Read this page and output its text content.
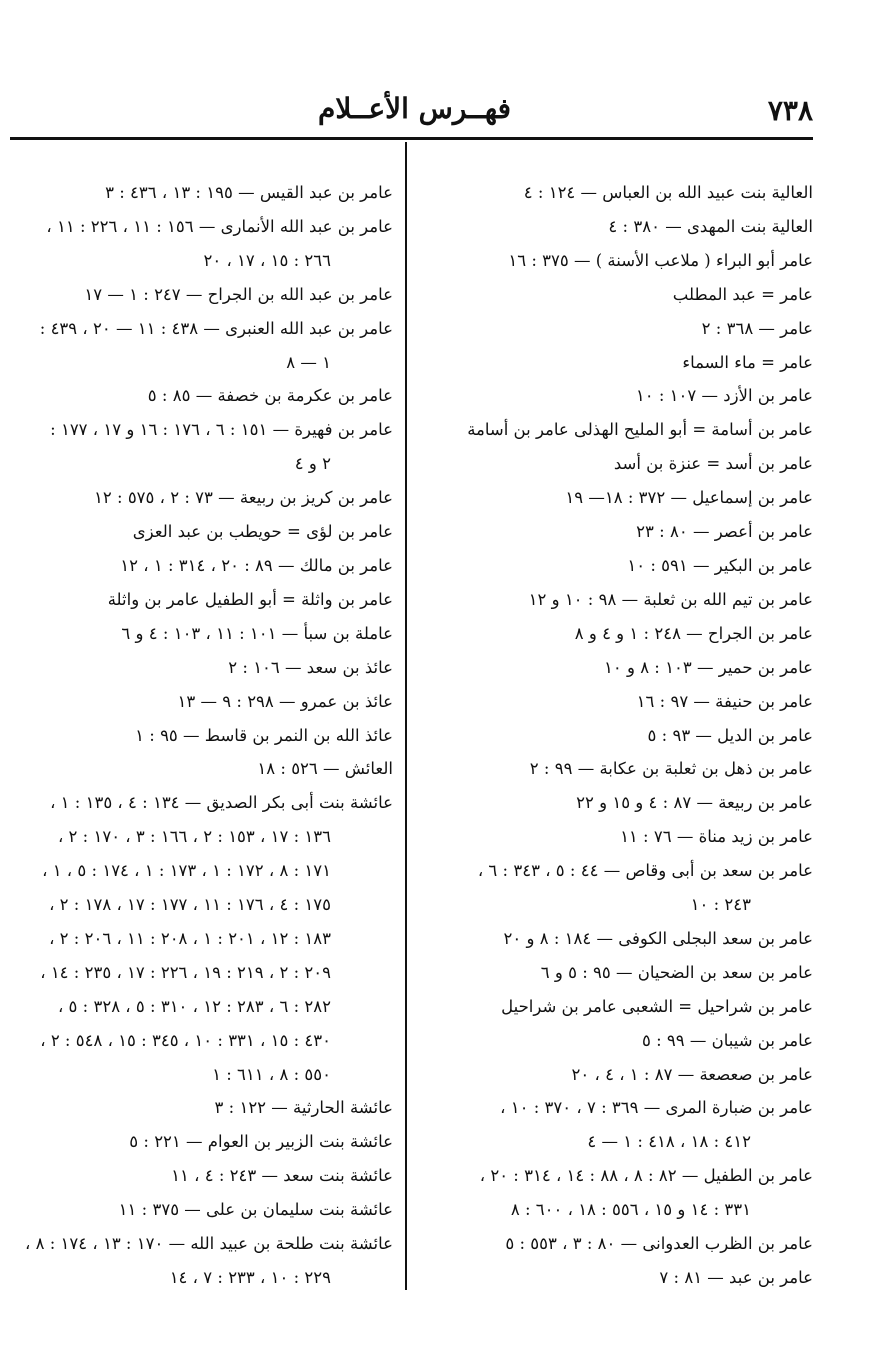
٧٣٨
فهــرس الأعــلام
العالية بنت عبيد الله بن العباس — ١٢٤ : ٤
العالية بنت المهدى — ٣٨٠ : ٤
عامر أبو البراء ( ملاعب الأسنة ) — ٣٧٥ : ١٦
عامر = عبد المطلب
عامر — ٣٦٨ : ٢
عامر = ماء السماء
عامر بن الأزد — ١٠٧ : ١٠
عامر بن أسامة = أبو المليح الهذلى عامر بن أسامة
عامر بن أسد = عنزة بن أسد
عامر بن إسماعيل — ٣٧٢ : ١٨— ١٩
عامر بن أعصر — ٨٠ : ٢٣
عامر بن البكير — ٥٩١ : ١٠
عامر بن تيم الله بن ثعلبة — ٩٨ : ١٠ و ١٢
عامر بن الجراح — ٢٤٨ : ١ و ٤ و ٨
عامر بن حمير — ١٠٣ : ٨ و ١٠
عامر بن حنيفة — ٩٧ : ١٦
عامر بن الديل — ٩٣ : ٥
عامر بن ذهل بن ثعلبة بن عكابة — ٩٩ : ٢
عامر بن ربيعة — ٨٧ : ٤ و ١٥ و ٢٢
عامر بن زيد مناة — ٧٦ : ١١
عامر بن سعد بن أبى وقاص — ٤٤ : ٥ ، ٣٤٣ : ٦ ،
٢٤٣ : ١٠
عامر بن سعد البجلى الكوفى — ١٨٤ : ٨ و ٢٠
عامر بن سعد بن الضحيان — ٩٥ : ٥ و ٦
عامر بن شراحيل = الشعبى عامر بن شراحيل
عامر بن شيبان — ٩٩ : ٥
عامر بن صعصعة — ٨٧ : ١ ، ٤ ، ٢٠
عامر بن ضبارة المرى — ٣٦٩ : ٧ ، ٣٧٠ : ١٠ ،
٤١٢ : ١٨ ، ٤١٨ : ١ — ٤
عامر بن الطفيل — ٨٢ : ٨ ، ٨٨ : ١٤ ، ٣١٤ : ٢٠ ،
٣٣١ : ١٤ و ١٥ ، ٥٥٦ : ١٨ ، ٦٠٠ : ٨
عامر بن الظرب العدوانى — ٨٠ : ٣ ، ٥٥٣ : ٥
عامر بن عبد — ٨١ : ٧
عامر بن عبد القيس — ١٩٥ : ١٣ ، ٤٣٦ : ٣
عامر بن عبد الله الأنمارى — ١٥٦ : ١١ ، ٢٢٦ : ١١ ،
٢٦٦ : ١٥ ، ١٧ ، ٢٠
عامر بن عبد الله بن الجراح — ٢٤٧ : ١ — ١٧
عامر بن عبد الله العنبرى — ٤٣٨ : ١١ — ٢٠ ، ٤٣٩ :
١ — ٨
عامر بن عكرمة بن خصفة — ٨٥ : ٥
عامر بن فهيرة — ١٥١ : ٦ ، ١٧٦ : ١٦ و ١٧ ، ١٧٧ :
٢ و ٤
عامر بن كريز بن ربيعة — ٧٣ : ٢ ، ٥٧٥ : ١٢
عامر بن لؤى = حويطب بن عبد العزى
عامر بن مالك — ٨٩ : ٢٠ ، ٣١٤ : ١ ، ١٢
عامر بن واثلة = أبو الطفيل عامر بن واثلة
عاملة بن سبأ — ١٠١ : ١١ ، ١٠٣ : ٤ و ٦
عائذ بن سعد — ١٠٦ : ٢
عائذ بن عمرو — ٢٩٨ : ٩ — ١٣
عائذ الله بن النمر بن قاسط — ٩٥ : ١
العائش — ٥٢٦ : ١٨
عائشة بنت أبى بكر الصديق — ١٣٤ : ٤ ، ١٣٥ : ١ ،
١٣٦ : ١٧ ، ١٥٣ : ٢ ، ١٦٦ : ٣ ، ١٧٠ : ٢ ،
١٧١ : ٨ ، ١٧٢ : ١ ، ١٧٣ : ١ ، ١٧٤ : ٥ ، ١ ،
١٧٥ : ٤ ، ١٧٦ : ١١ ، ١٧٧ : ١٧ ، ١٧٨ : ٢ ،
١٨٣ : ١٢ ، ٢٠١ : ١ ، ٢٠٨ : ١١ ، ٢٠٦ : ٢ ،
٢٠٩ : ٢ ، ٢١٩ : ١٩ ، ٢٢٦ : ١٧ ، ٢٣٥ : ١٤ ،
٢٨٢ : ٦ ، ٢٨٣ : ١٢ ، ٣١٠ : ٥ ، ٣٢٨ : ٥ ،
٤٣٠ : ١٥ ، ٣٣١ : ١٠ ، ٣٤٥ : ١٥ ، ٥٤٨ : ٢ ،
٥٥٠ : ٨ ، ٦١١ : ١
عائشة الحارثية — ١٢٢ : ٣
عائشة بنت الزبير بن العوام — ٢٢١ : ٥
عائشة بنت سعد — ٢٤٣ : ٤ ، ١١
عائشة بنت سليمان بن على — ٣٧٥ : ١١
عائشة بنت طلحة بن عبيد الله — ١٧٠ : ١٣ ، ١٧٤ : ٨ ،
٢٢٩ : ١٠ ، ٢٣٣ : ٧ ، ١٤
